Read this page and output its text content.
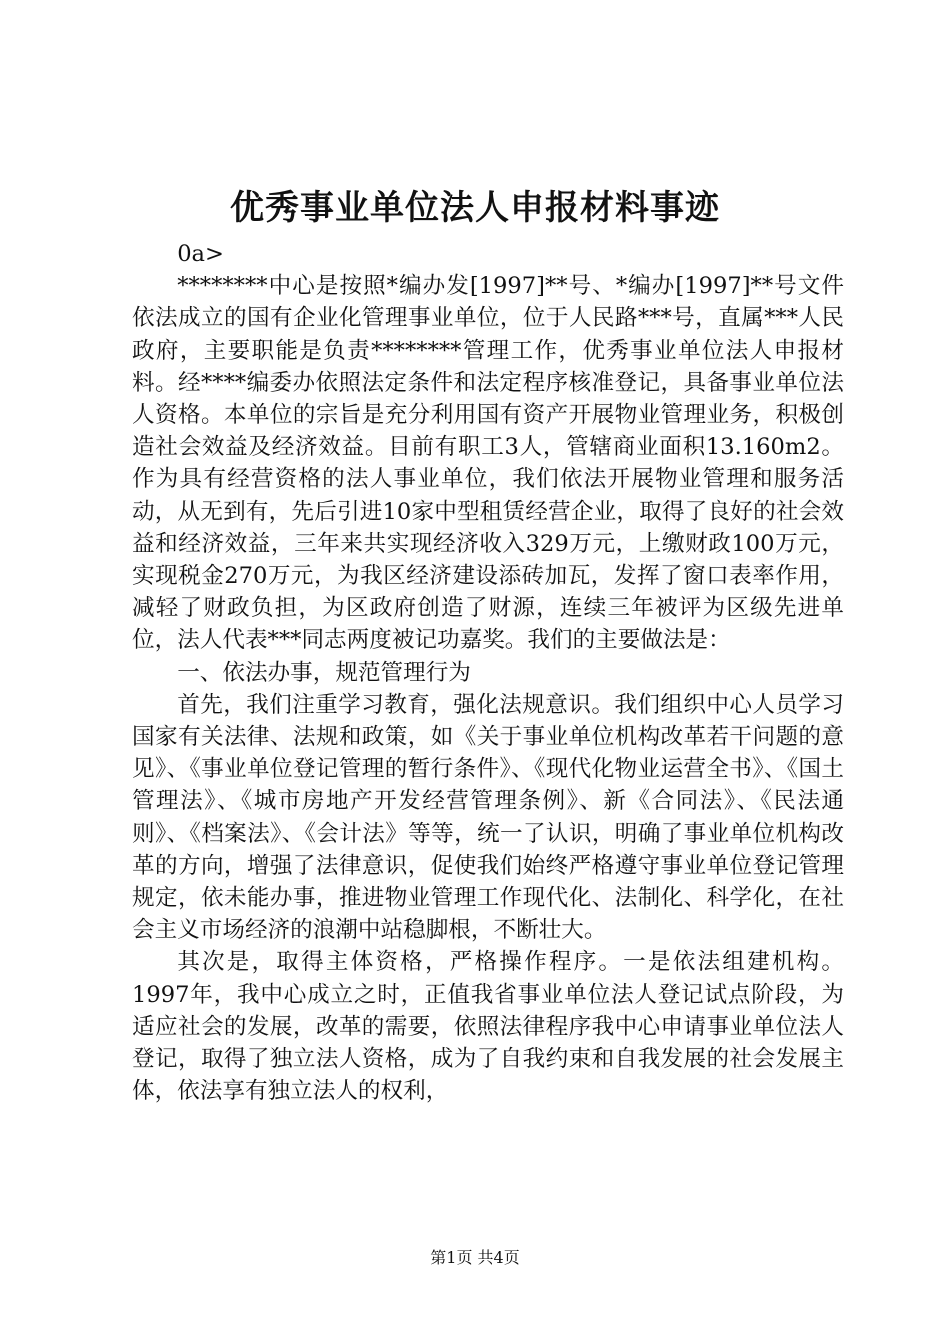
优秀事业单位法人申报材料事迹

0a>

********中心是按照*编办发[1997]**号、*编办[1997]**号文件依法成立的国有企业化管理事业单位，位于人民路***号，直属***人民政府，主要职能是负责********管理工作，优秀事业单位法人申报材料。经****编委办依照法定条件和法定程序核准登记，具备事业单位法人资格。本单位的宗旨是充分利用国有资产开展物业管理业务，积极创造社会效益及经济效益。目前有职工3人，管辖商业面积13.160m2。作为具有经营资格的法人事业单位，我们依法开展物业管理和服务活动，从无到有，先后引进10家中型租赁经营企业，取得了良好的社会效益和经济效益，三年来共实现经济收入329万元，上缴财政100万元，实现税金270万元，为我区经济建设添砖加瓦，发挥了窗口表率作用，减轻了财政负担，为区政府创造了财源，连续三年被评为区级先进单位，法人代表***同志两度被记功嘉奖。我们的主要做法是：

一、依法办事，规范管理行为

首先，我们注重学习教育，强化法规意识。我们组织中心人员学习国家有关法律、法规和政策，如《关于事业单位机构改革若干问题的意见》、《事业单位登记管理的暂行条件》、《现代化物业运营全书》、《国土管理法》、《城市房地产开发经营管理条例》、新《合同法》、《民法通则》、《档案法》、《会计法》等等，统一了认识，明确了事业单位机构改革的方向，增强了法律意识，促使我们始终严格遵守事业单位登记管理规定，依未能办事，推进物业管理工作现代化、法制化、科学化，在社会主义市场经济的浪潮中站稳脚根，不断壮大。

其次是，取得主体资格，严格操作程序。一是依法组建机构。1997年，我中心成立之时，正值我省事业单位法人登记试点阶段，为适应社会的发展，改革的需要，依照法律程序我中心申请事业单位法人登记，取得了独立法人资格，成为了自我约束和自我发展的社会发展主体，依法享有独立法人的权利，

第1页 共4页
